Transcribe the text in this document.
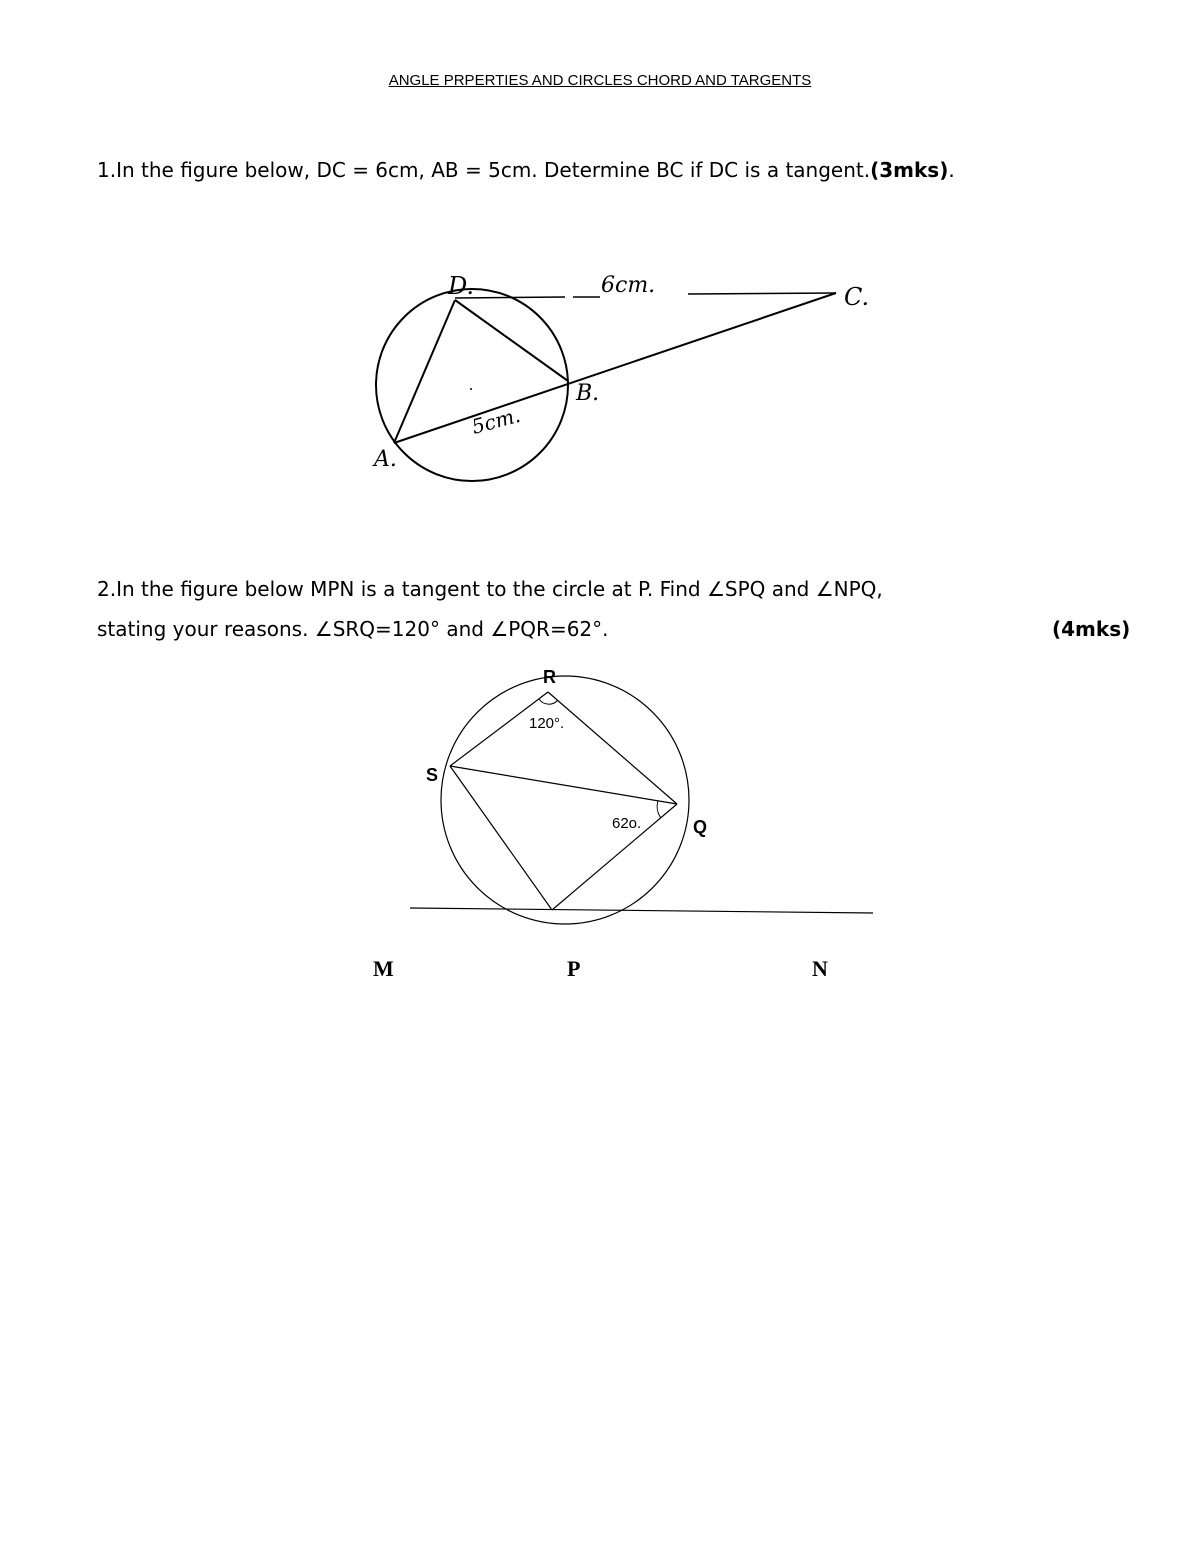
ANGLE PRPERTIES AND CIRCLES CHORD AND TARGENTS
1.In the figure below, DC = 6cm, AB = 5cm. Determine BC if DC is a tangent.(3mks).
D.	C.
B.
A.
6cm.
5cm.
2.In the figure below MPN is a tangent to the circle at P. Find ∠SPQ and ∠NPQ,
stating your reasons. ∠SRQ=120° and ∠PQR=62°.	(4mks)
R
S
Q
120°.
62o.
M	P	N
